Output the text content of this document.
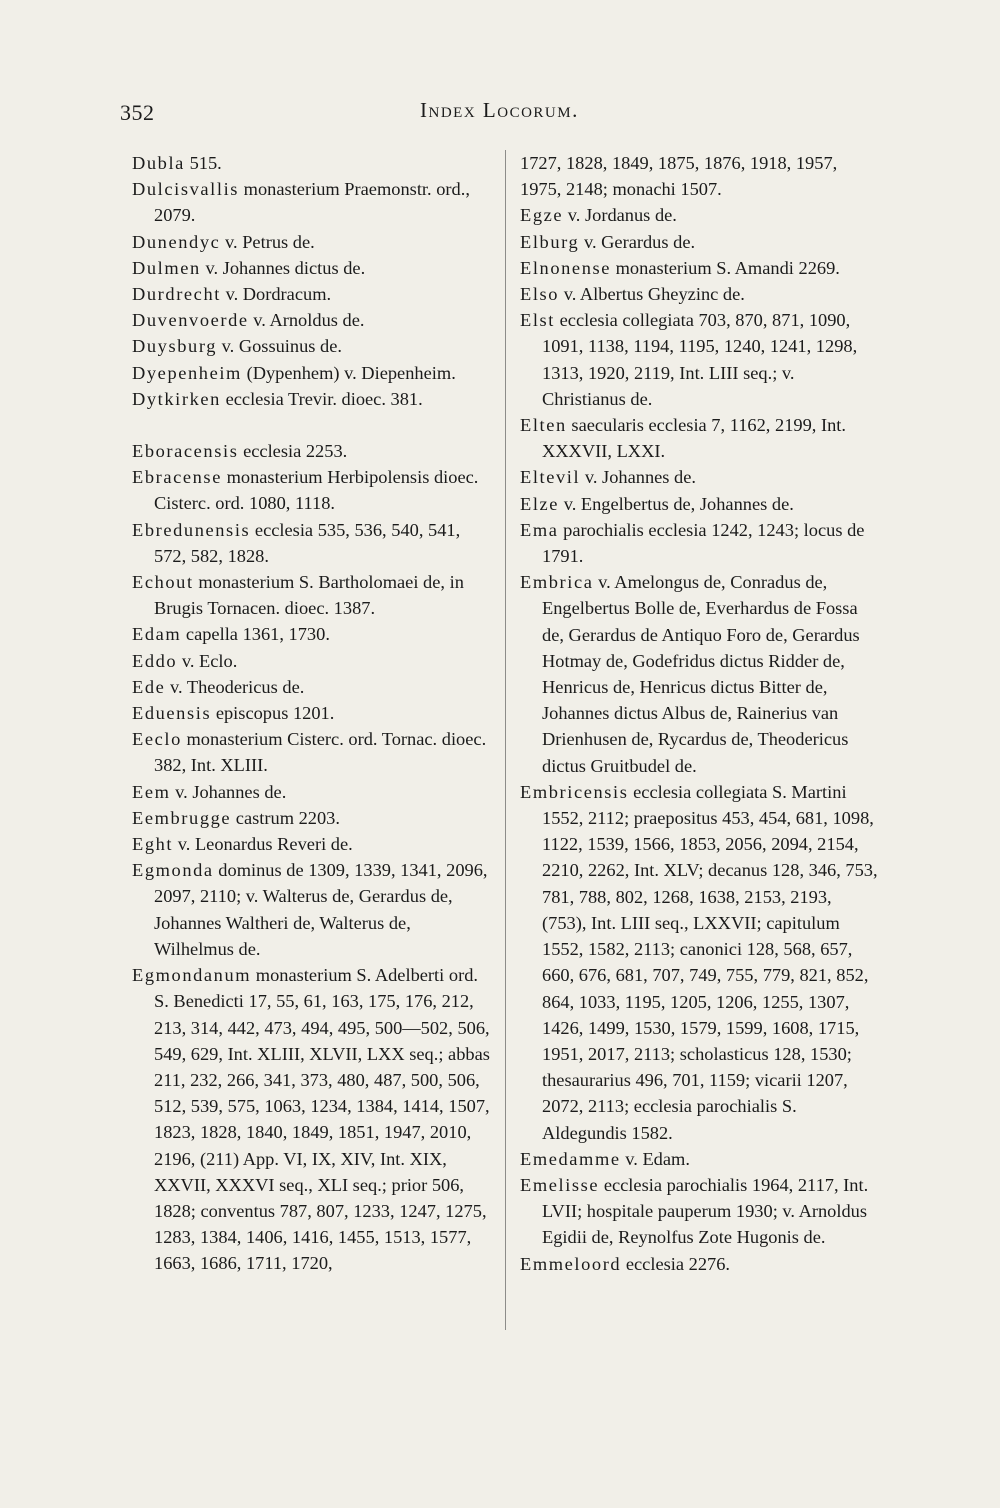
352	Index Locorum.

Dubla 515.

Dulcisvallis monasterium Praemonstr. ord., 2079.

Dunendyc v. Petrus de.

Dulmen v. Johannes dictus de.

Durdrecht v. Dordracum.

Duvenvoerde v. Arnoldus de.

Duysburg v. Gossuinus de.

Dyepenheim (Dypenhem) v. Diepenheim.

Dytkirken ecclesia Trevir. dioec. 381.

Eboracensis ecclesia 2253.

Ebracense monasterium Herbipolensis dioec. Cisterc. ord. 1080, 1118.

Ebredunensis ecclesia 535, 536, 540, 541, 572, 582, 1828.

Echout monasterium S. Bartholomaei de, in Brugis Tornacen. dioec. 1387.

Edam capella 1361, 1730.

Eddo v. Eclo.

Ede v. Theodericus de.

Eduensis episcopus 1201.

Eeclo monasterium Cisterc. ord. Tornac. dioec. 382, Int. XLIII.

Eem v. Johannes de.

Eembrugge castrum 2203.

Eght v. Leonardus Reveri de.

Egmonda dominus de 1309, 1339, 1341, 2096, 2097, 2110; v. Walterus de, Gerardus de, Johannes Waltheri de, Walterus de, Wilhelmus de.

Egmondanum monasterium S. Adelberti ord. S. Benedicti 17, 55, 61, 163, 175, 176, 212, 213, 314, 442, 473, 494, 495, 500—502, 506, 549, 629, Int. XLIII, XLVII, LXX seq.; abbas 211, 232, 266, 341, 373, 480, 487, 500, 506, 512, 539, 575, 1063, 1234, 1384, 1414, 1507, 1823, 1828, 1840, 1849, 1851, 1947, 2010, 2196, (211) App. VI, IX, XIV, Int. XIX, XXVII, XXXVI seq., XLI seq.; prior 506, 1828; conventus 787, 807, 1233, 1247, 1275, 1283, 1384, 1406, 1416, 1455, 1513, 1577, 1663, 1686, 1711, 1720,

1727, 1828, 1849, 1875, 1876, 1918, 1957, 1975, 2148; monachi 1507.

Egze v. Jordanus de.

Elburg v. Gerardus de.

Elnonense monasterium S. Amandi 2269.

Elso v. Albertus Gheyzinc de.

Elst ecclesia collegiata 703, 870, 871, 1090, 1091, 1138, 1194, 1195, 1240, 1241, 1298, 1313, 1920, 2119, Int. LIII seq.; v. Christianus de.

Elten saecularis ecclesia 7, 1162, 2199, Int. XXXVII, LXXI.

Eltevil v. Johannes de.

Elze v. Engelbertus de, Johannes de.

Ema parochialis ecclesia 1242, 1243; locus de 1791.

Embrica v. Amelongus de, Conradus de, Engelbertus Bolle de, Everhardus de Fossa de, Gerardus de Antiquo Foro de, Gerardus Hotmay de, Godefridus dictus Ridder de, Henricus de, Henricus dictus Bitter de, Johannes dictus Albus de, Rainerius van Drienhusen de, Rycardus de, Theodericus dictus Gruitbudel de.

Embricensis ecclesia collegiata S. Martini 1552, 2112; praepositus 453, 454, 681, 1098, 1122, 1539, 1566, 1853, 2056, 2094, 2154, 2210, 2262, Int. XLV; decanus 128, 346, 753, 781, 788, 802, 1268, 1638, 2153, 2193, (753), Int. LIII seq., LXXVII; capitulum 1552, 1582, 2113; canonici 128, 568, 657, 660, 676, 681, 707, 749, 755, 779, 821, 852, 864, 1033, 1195, 1205, 1206, 1255, 1307, 1426, 1499, 1530, 1579, 1599, 1608, 1715, 1951, 2017, 2113; scholasticus 128, 1530; thesaurarius 496, 701, 1159; vicarii 1207, 2072, 2113; ecclesia parochialis S. Aldegundis 1582.

Emedamme v. Edam.

Emelisse ecclesia parochialis 1964, 2117, Int. LVII; hospitale pauperum 1930; v. Arnoldus Egidii de, Reynolfus Zote Hugonis de.

Emmeloord ecclesia 2276.
